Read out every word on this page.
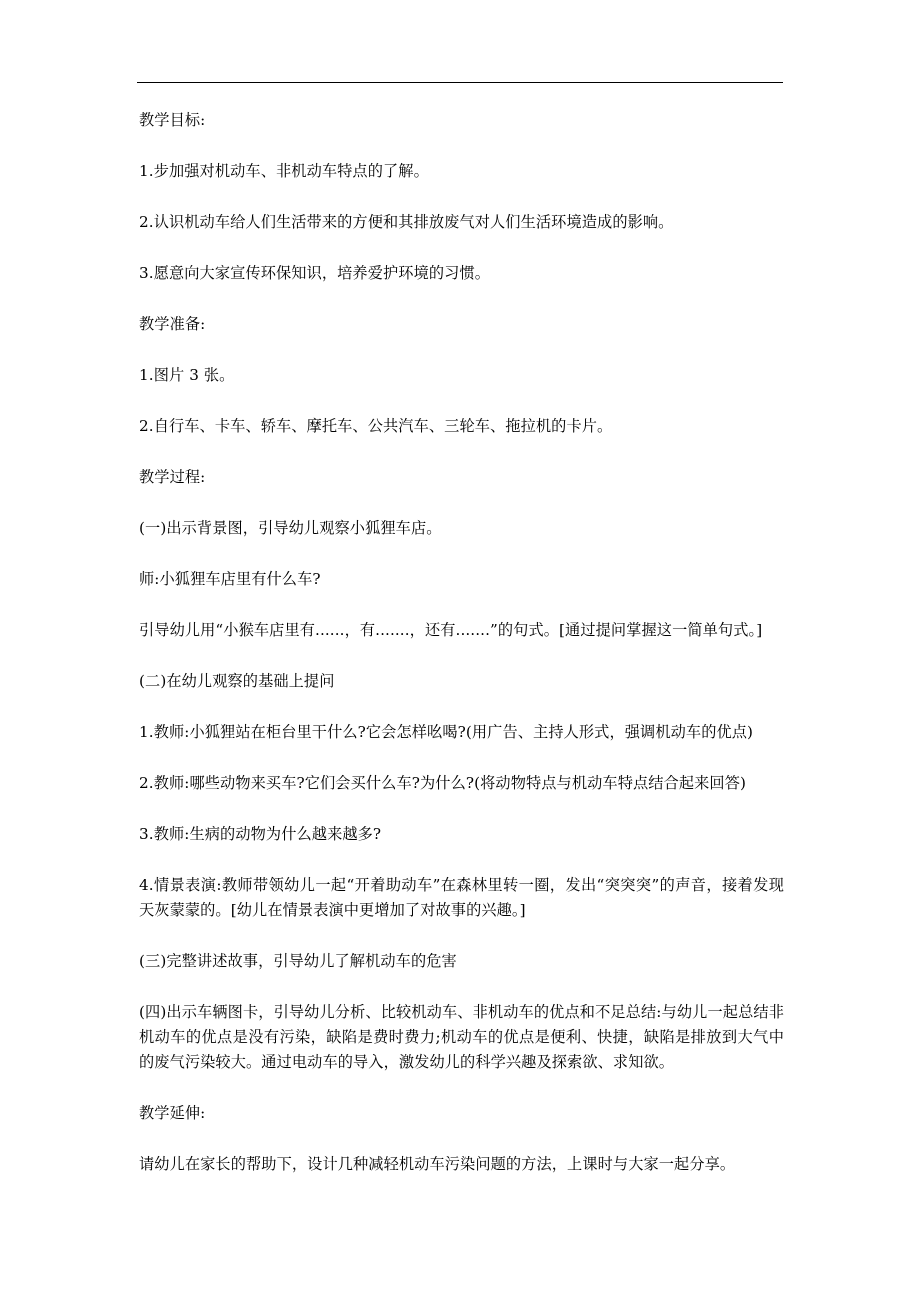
教学目标:

1.步加强对机动车、非机动车特点的了解。

2.认识机动车给人们生活带来的方便和其排放废气对人们生活环境造成的影响。

3.愿意向大家宣传环保知识，培养爱护环境的习惯。

教学准备:

1.图片 3 张。

2.自行车、卡车、轿车、摩托车、公共汽车、三轮车、拖拉机的卡片。

教学过程:

(一)出示背景图，引导幼儿观察小狐狸车店。

师:小狐狸车店里有什么车?

引导幼儿用“小猴车店里有......，有.......，还有.......”的句式。[通过提问掌握这一简单句式。]

(二)在幼儿观察的基础上提问

1.教师:小狐狸站在柜台里干什么?它会怎样吆喝?(用广告、主持人形式，强调机动车的优点)

2.教师:哪些动物来买车?它们会买什么车?为什么?(将动物特点与机动车特点结合起来回答)

3.教师:生病的动物为什么越来越多?

4.情景表演:教师带领幼儿一起“开着助动车”在森林里转一圈，发出“突突突”的声音，接着发现天灰蒙蒙的。[幼儿在情景表演中更增加了对故事的兴趣。]

(三)完整讲述故事，引导幼儿了解机动车的危害

(四)出示车辆图卡，引导幼儿分析、比较机动车、非机动车的优点和不足总结:与幼儿一起总结非机动车的优点是没有污染，缺陷是费时费力;机动车的优点是便利、快捷，缺陷是排放到大气中的废气污染较大。通过电动车的导入，激发幼儿的科学兴趣及探索欲、求知欲。

教学延伸:

请幼儿在家长的帮助下，设计几种减轻机动车污染问题的方法，上课时与大家一起分享。
